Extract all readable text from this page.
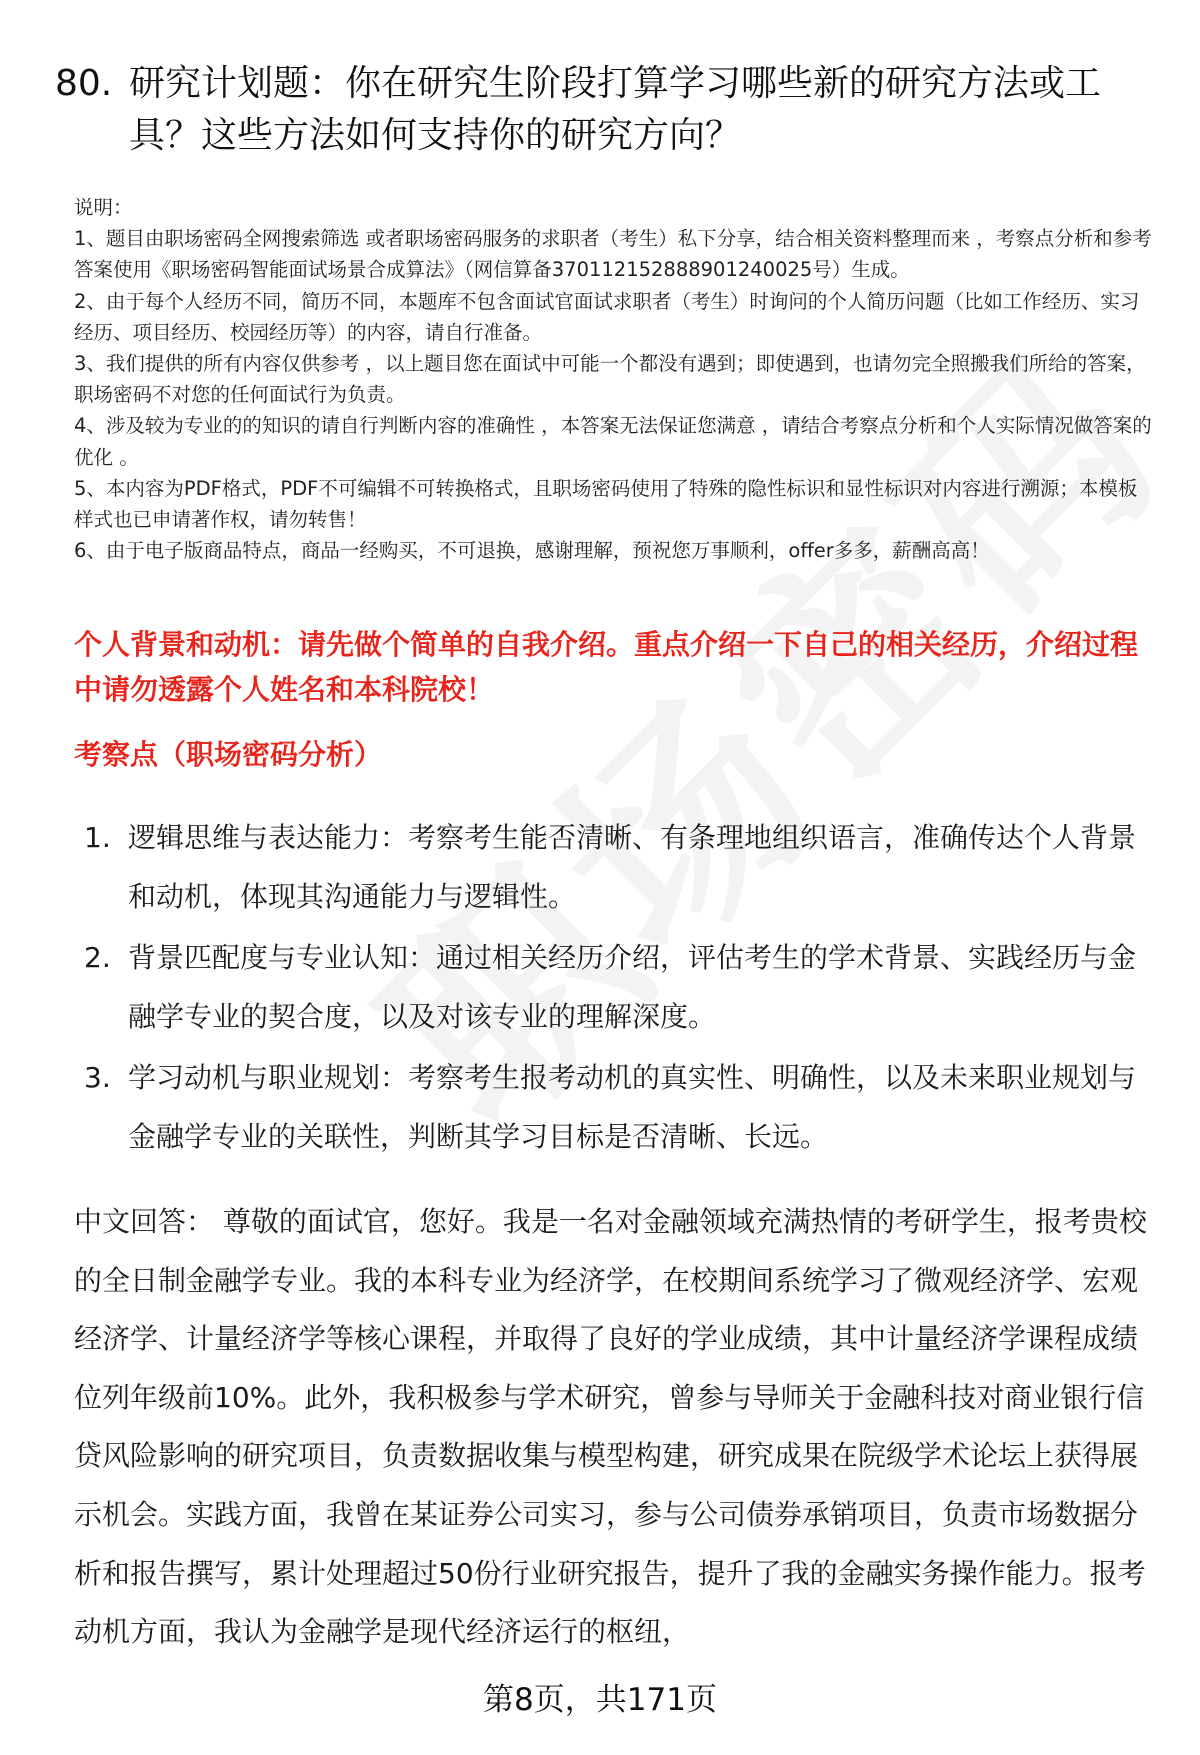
80. 研究计划题：你在研究生阶段打算学习哪些新的研究方法或工具？这些方法如何支持你的研究方向？

说明：

1、题目由职场密码全网搜索筛选 或者职场密码服务的求职者（考生）私下分享，结合相关资料整理而来 ，考察点分析和参考答案使用《职场密码智能面试场景合成算法》（网信算备370112152888901240025号）生成。

2、由于每个人经历不同，简历不同，本题库不包含面试官面试求职者（考生）时询问的个人简历问题（比如工作经历、实习经历、项目经历、校园经历等）的内容，请自行准备。

3、我们提供的所有内容仅供参考 ，以上题目您在面试中可能一个都没有遇到；即使遇到，也请勿完全照搬我们所给的答案，职场密码不对您的任何面试行为负责。

4、涉及较为专业的的知识的请自行判断内容的准确性 ，本答案无法保证您满意 ，请结合考察点分析和个人实际情况做答案的优化 。

5、本内容为PDF格式，PDF不可编辑不可转换格式，且职场密码使用了特殊的隐性标识和显性标识对内容进行溯源；本模板样式也已申请著作权，请勿转售！

6、由于电子版商品特点，商品一经购买，不可退换，感谢理解，预祝您万事顺利，offer多多，薪酬高高！

个人背景和动机：请先做个简单的自我介绍。重点介绍一下自己的相关经历，介绍过程中请勿透露个人姓名和本科院校！
考察点（职场密码分析）
1. 逻辑思维与表达能力：考察考生能否清晰、有条理地组织语言，准确传达个人背景和动机，体现其沟通能力与逻辑性。
2. 背景匹配度与专业认知：通过相关经历介绍，评估考生的学术背景、实践经历与金融学专业的契合度，以及对该专业的理解深度。
3. 学习动机与职业规划：考察考生报考动机的真实性、明确性，以及未来职业规划与金融学专业的关联性，判断其学习目标是否清晰、长远。
中文回答： 尊敬的面试官，您好。我是一名对金融领域充满热情的考研学生，报考贵校的全日制金融学专业。我的本科专业为经济学，在校期间系统学习了微观经济学、宏观经济学、计量经济学等核心课程，并取得了良好的学业成绩，其中计量经济学课程成绩位列年级前10%。此外，我积极参与学术研究，曾参与导师关于金融科技对商业银行信贷风险影响的研究项目，负责数据收集与模型构建，研究成果在院级学术论坛上获得展示机会。实践方面，我曾在某证券公司实习，参与公司债券承销项目，负责市场数据分析和报告撰写，累计处理超过50份行业研究报告，提升了我的金融实务操作能力。报考动机方面，我认为金融学是现代经济运行的枢纽，
第8页，共171页
